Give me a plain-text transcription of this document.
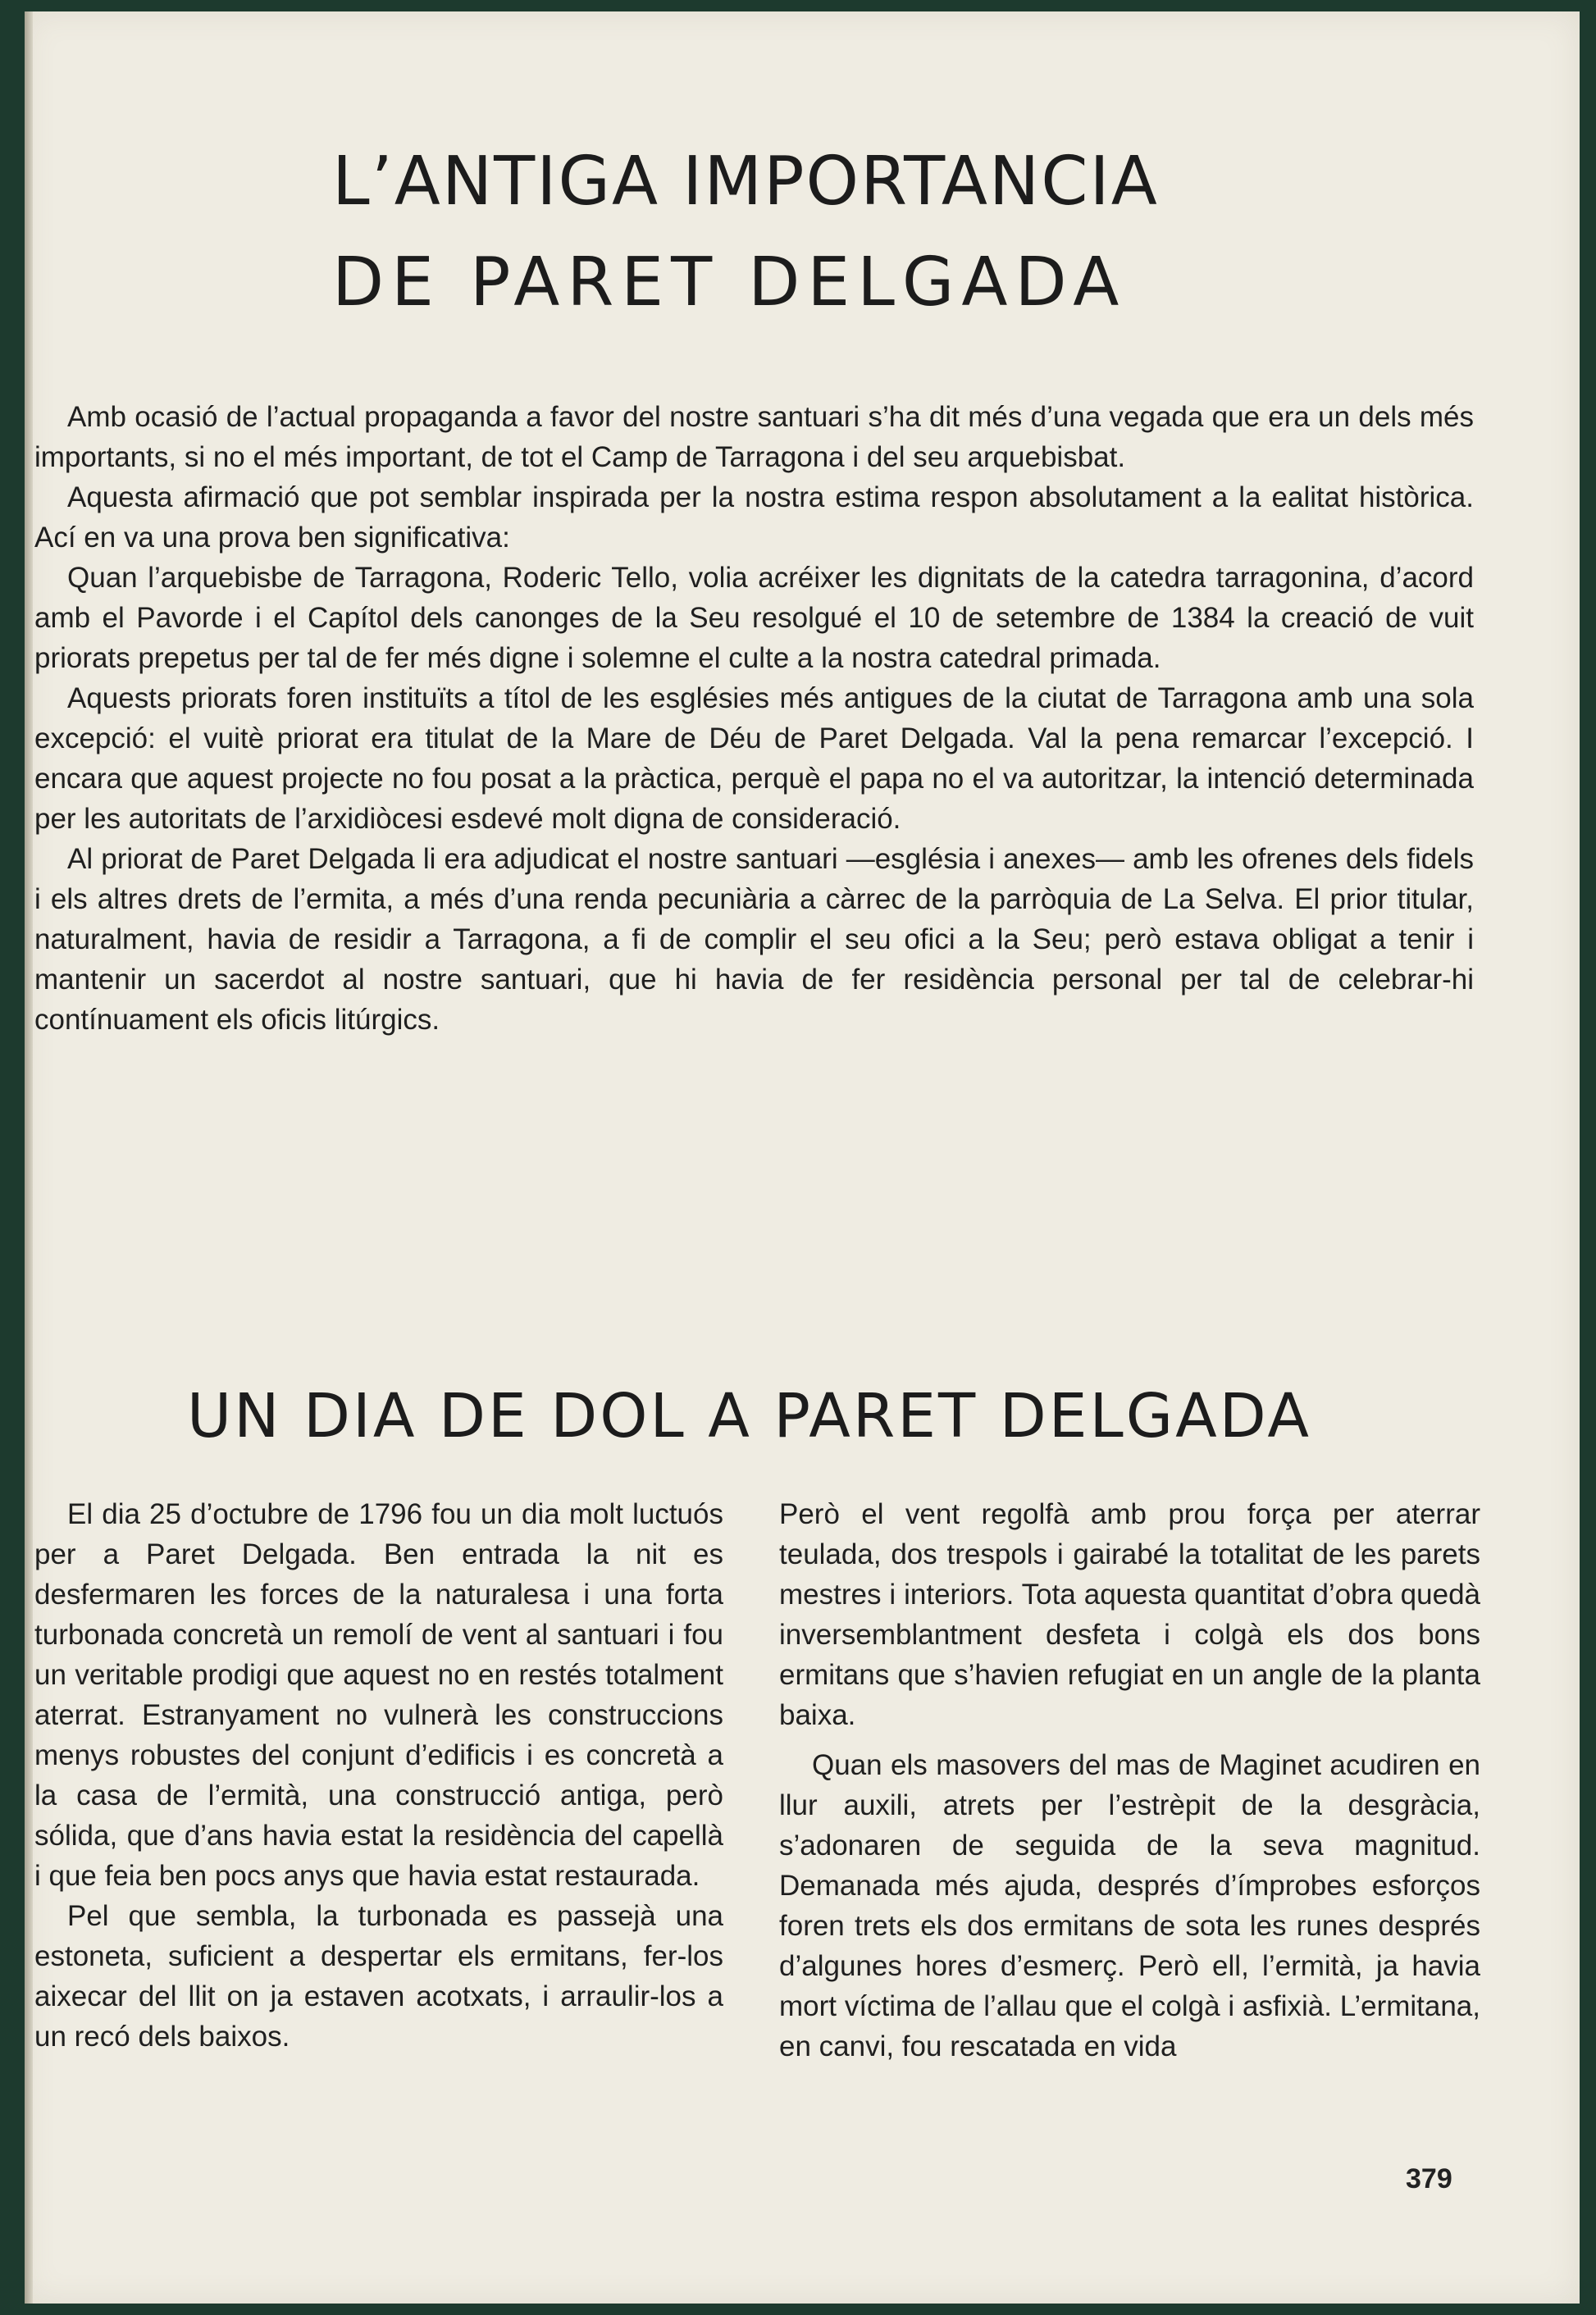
L’ANTIGA IMPORTANCIA
DE PARET DELGADA

Amb ocasió de l’actual propaganda a favor del nostre santuari s’ha dit més d’una vegada que era un dels més importants, si no el més important, de tot el Camp de Tarragona i del seu arquebisbat.

Aquesta afirmació que pot semblar inspirada per la nostra estima respon absolutament a la ealitat històrica. Ací en va una prova ben significativa:

Quan l’arquebisbe de Tarragona, Roderic Tello, volia acréixer les dignitats de la catedra tarragonina, d’acord amb el Pavorde i el Capítol dels canonges de la Seu resolgué el 10 de setembre de 1384 la creació de vuit priorats prepetus per tal de fer més digne i solemne el culte a la nostra catedral primada.

Aquests priorats foren instituïts a títol de les esglésies més antigues de la ciutat de Tarragona amb una sola excepció: el vuitè priorat era titulat de la Mare de Déu de Paret Delgada. Val la pena remarcar l’excepció. I encara que aquest projecte no fou posat a la pràctica, perquè el papa no el va autoritzar, la intenció determinada per les autoritats de l’arxidiòcesi esdevé molt digna de consideració.

Al priorat de Paret Delgada li era adjudicat el nostre santuari —església i anexes— amb les ofrenes dels fidels i els altres drets de l’ermita, a més d’una renda pecuniària a càrrec de la parròquia de La Selva. El prior titular, naturalment, havia de residir a Tarragona, a fi de complir el seu ofici a la Seu; però estava obligat a tenir i mantenir un sacerdot al nostre santuari, que hi havia de fer residència personal per tal de celebrar-hi contínuament els oficis litúrgics.

UN DIA DE DOL A PARET DELGADA

El dia 25 d’octubre de 1796 fou un dia molt luctuós per a Paret Delgada. Ben entrada la nit es desfermaren les forces de la naturalesa i una forta turbonada concretà un remolí de vent al santuari i fou un veritable prodigi que aquest no en restés totalment aterrat. Estranyament no vulnerà les construccions menys robustes del conjunt d’edificis i es concretà a la casa de l’ermità, una construcció antiga, però sólida, que d’ans havia estat la residència del capellà i que feia ben pocs anys que havia estat restaurada.

Pel que sembla, la turbonada es passejà una estoneta, suficient a despertar els ermitans, fer-los aixecar del llit on ja estaven acotxats, i arraulir-los a un recó dels baixos.

Però el vent regolfà amb prou força per aterrar teulada, dos trespols i gairabé la totalitat de les parets mestres i interiors. Tota aquesta quantitat d’obra quedà inversemblantment desfeta i colgà els dos bons ermitans que s’havien refugiat en un angle de la planta baixa.

Quan els masovers del mas de Maginet acudiren en llur auxili, atrets per l’estrèpit de la desgràcia, s’adonaren de seguida de la seva magnitud. Demanada més ajuda, després d’ímprobes esforços foren trets els dos ermitans de sota les runes després d’algunes hores d’esmerç. Però ell, l’ermità, ja havia mort víctima de l’allau que el colgà i asfixià. L’ermitana, en canvi, fou rescatada en vida

379
